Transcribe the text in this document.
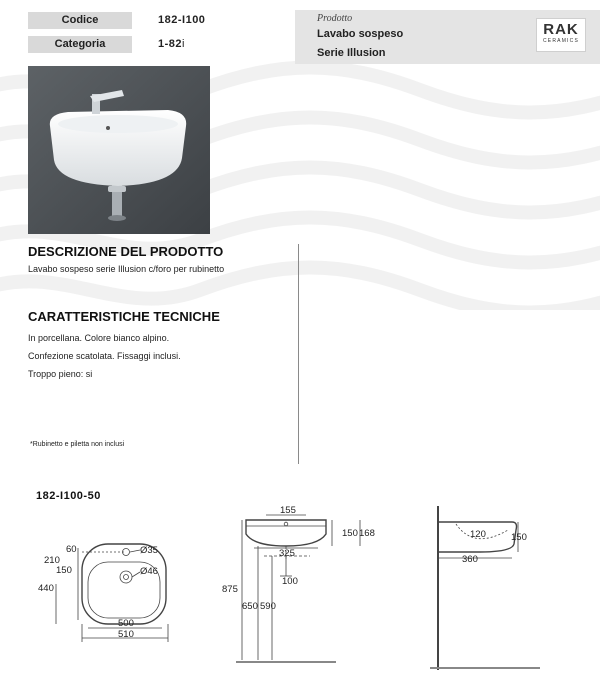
Codice	182-I100
Categoria	1-82i
Prodotto
Lavabo sospeso
Serie Illusion
RAK
CERAMICS
DESCRIZIONE DEL PRODOTTO
Lavabo sospeso serie Illusion c/foro per rubinetto
CARATTERISTICHE TECNICHE
In porcellana. Colore bianco alpino.
Confezione scatolata. Fissaggi inclusi.
Troppo pieno: si
*Rubinetto e piletta non inclusi
182-I100-50
60
210
150
440
Ø35
Ø46
500
510
155
150 168
325
100
875
650 590
120	150
360
